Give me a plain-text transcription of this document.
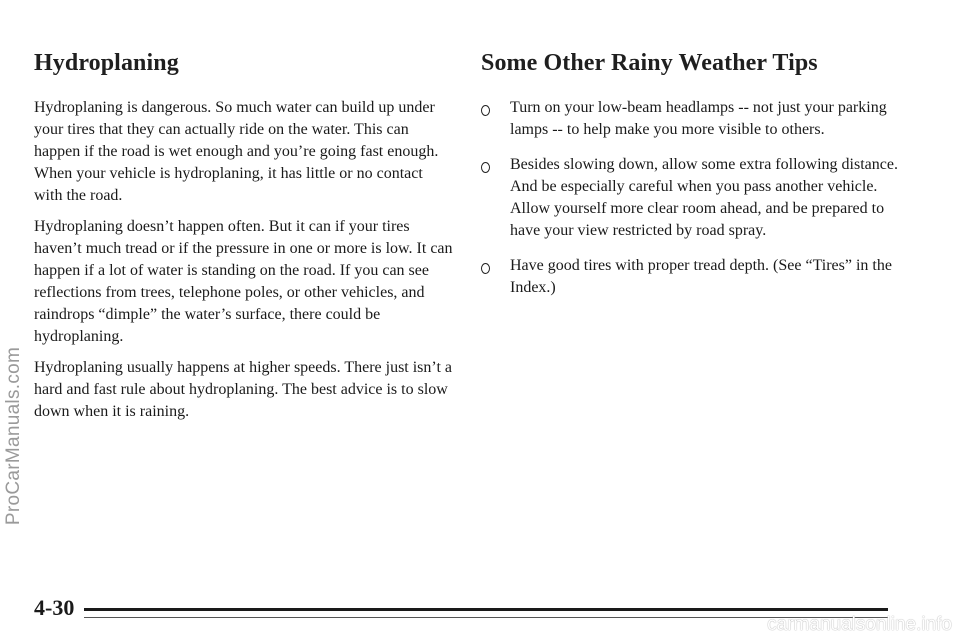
Hydroplaning

Hydroplaning is dangerous. So much water can build up under your tires that they can actually ride on the water. This can happen if the road is wet enough and you’re going fast enough. When your vehicle is hydroplaning, it has little or no contact with the road.

Hydroplaning doesn’t happen often. But it can if your tires haven’t much tread or if the pressure in one or more is low. It can happen if a lot of water is standing on the road. If you can see reflections from trees, telephone poles, or other vehicles, and raindrops “dimple” the water’s surface, there could be hydroplaning.

Hydroplaning usually happens at higher speeds. There just isn’t a hard and fast rule about hydroplaning. The best advice is to slow down when it is raining.

Some Other Rainy Weather Tips
Turn on your low-beam headlamps -- not just your parking lamps -- to help make you more visible to others.
Besides slowing down, allow some extra following distance. And be especially careful when you pass another vehicle. Allow yourself more clear room ahead, and be prepared to have your view restricted by road spray.
Have good tires with proper tread depth. (See “Tires” in the Index.)
ProCarManuals.com
4-30
carmanualsonline.info
